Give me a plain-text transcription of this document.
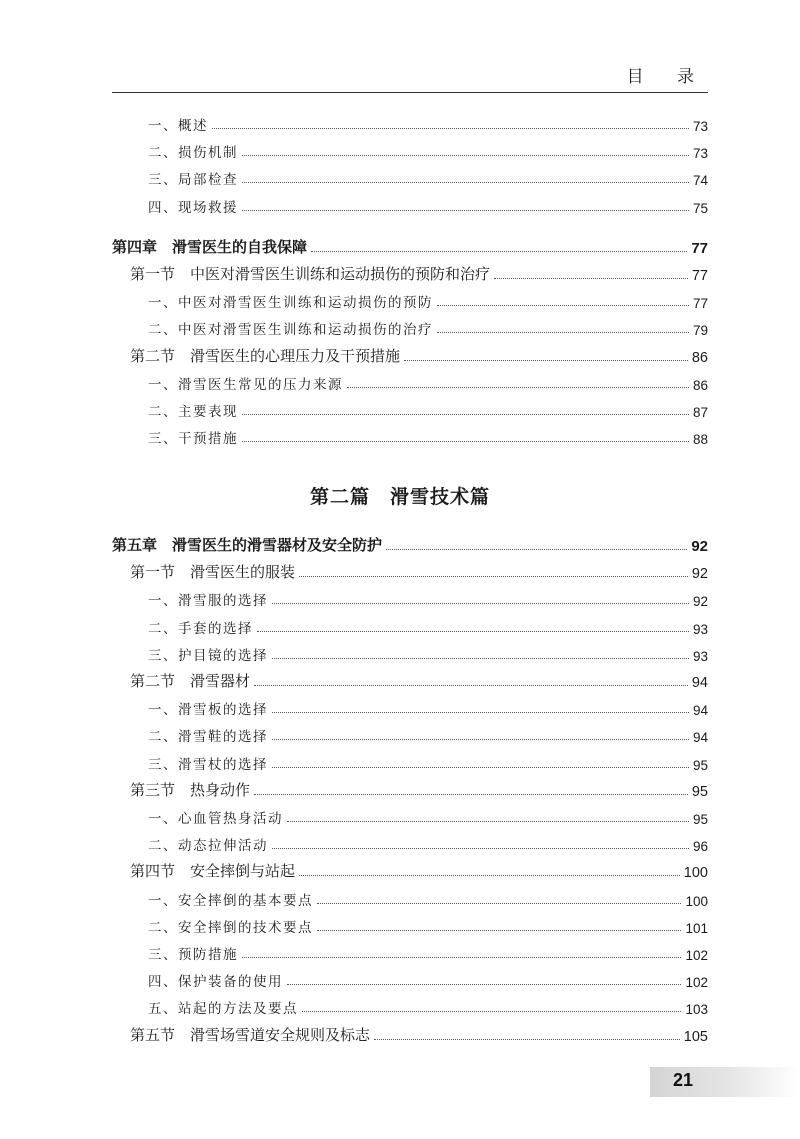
目 录
一、概述	73
二、损伤机制	73
三、局部检查	74
四、现场救援	75
第四章　滑雪医生的自我保障	77
第一节　中医对滑雪医生训练和运动损伤的预防和治疗	77
一、中医对滑雪医生训练和运动损伤的预防	77
二、中医对滑雪医生训练和运动损伤的治疗	79
第二节　滑雪医生的心理压力及干预措施	86
一、滑雪医生常见的压力来源	86
二、主要表现	87
三、干预措施	88
第五章　滑雪医生的滑雪器材及安全防护	92
第一节　滑雪医生的服装	92
一、滑雪服的选择	92
二、手套的选择	93
三、护目镜的选择	93
第二节　滑雪器材	94
一、滑雪板的选择	94
二、滑雪鞋的选择	94
三、滑雪杖的选择	95
第三节　热身动作	95
一、心血管热身活动	95
二、动态拉伸活动	96
第四节　安全摔倒与站起	100
一、安全摔倒的基本要点	100
二、安全摔倒的技术要点	101
三、预防措施	102
四、保护装备的使用	102
五、站起的方法及要点	103
第五节　滑雪场雪道安全规则及标志	105
第二篇　滑雪技术篇
21
